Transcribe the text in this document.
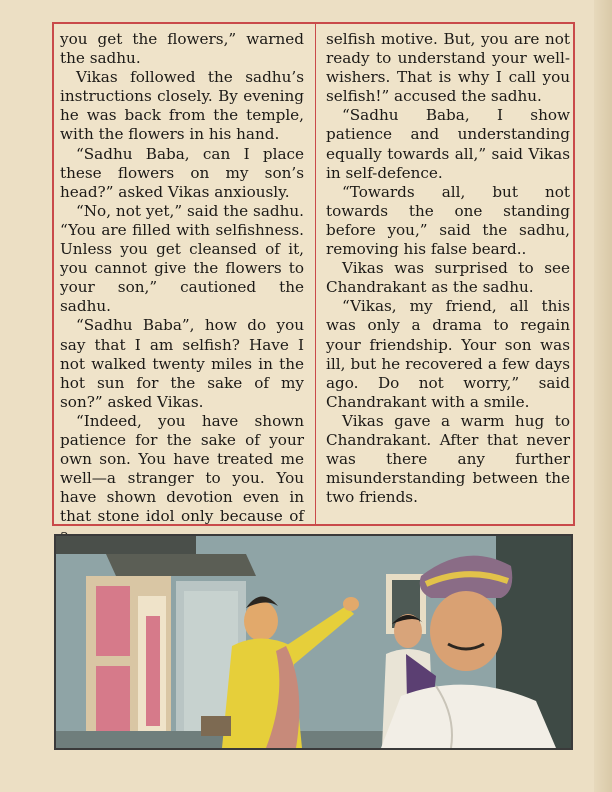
you get the flowers,” warned the sadhu.

Vikas followed the sadhu’s instructions closely. By evening he was back from the temple, with the flowers in his hand.

“Sadhu Baba, can I place these flowers on my son’s head?” asked Vikas anxiously.

“No, not yet,” said the sadhu. “You are filled with selfishness. Unless you get cleansed of it, you cannot give the flowers to your son,” cautioned the sadhu.

“Sadhu Baba”, how do you say that I am selfish? Have I not walked twenty miles in the hot sun for the sake of my son?” asked Vikas.

“Indeed, you have shown patience for the sake of your own son. You have treated me well—a stranger to you. You have shown devotion even in that stone idol only because of

selfish motive. But, you are not ready to understand your well-wishers. That is why I call you selfish!” accused the sadhu.

“Sadhu Baba, I show patience and understanding equally towards all,” said Vikas in self-defence.

“Towards all, but not towards the one standing before you,” said the sadhu, removing his false beard..

Vikas was surprised to see Chandrakant as the sadhu.

“Vikas, my friend, all this was only a drama to regain your friendship. Your son was ill, but he recovered a few days ago. Do not worry,” said Chandrakant with a smile.

Vikas gave a warm hug to Chandrakant. After that never was there any further misunderstanding between the two friends.
